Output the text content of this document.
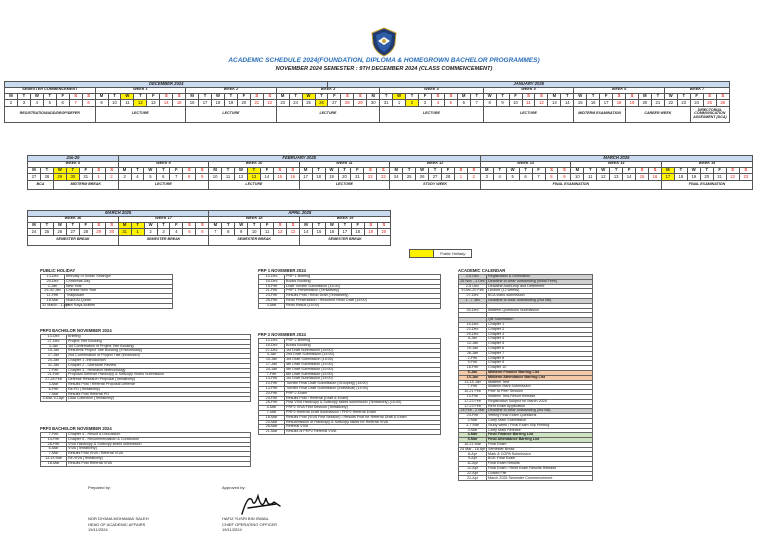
ACADEMIC SCHEDULE 2024(FOUNDATION, DIPLOMA & HOMEGROWN BACHELOR PROGRAMMES)
NOVEMBER 2024 SEMESTER : 9TH DECEMBER 2024 (CLASS COMMENCEMENT)
DECEMBER 2024																									JANUARY 2025																														
SEMESTER COMMENCEMENT							WEEK 1							WEEK 2							WEEK 3								WEEK 4								WEEK 5							WEEK 6							WEEK 7				
M	T	W	T	F	S	S	M	T	W	T	F	S	S	M	T	W	T	F	S	S	M	T	W	T	F	S	S	M	T	W	T	F	S	S	M	T	W	T	F	S	S	M	T	W	T	F	S	S	M	T	W	T	F	S	S
2	3	4	5	6	7	8	9	10	11	12	13	14	15	16	17	18	19	20	21	22	23	24	25	26	27	28	29	30	31	1	2	3	4	5	6	7	8	9	10	11	12	13	14	15	16	17	18	19	20	21	22	23	24	25	26
REGISTRATION/ADD/DROP/DEFER							LECTURE							LECTURE							LECTURE								LECTURE								LECTURE							MIDTERM EXAMINATION				CAREER WEEK					DIRECTORIAL COMMUNICATION ASSESMENT (DCA)		
Jan-25							FEBRUARY 2025																												MARCH 2025																				
WEEK 8							WEEK 9							WEEK 10							WEEK 11							WEEK 12							WEEK 13							WEEK 14							WEEK 15						
M	T	W	T	F	S	S	M	T	W	T	F	S	S	M	T	W	T	F	S	S	M	T	W	T	F	S	S	M	T	W	T	F	S	S	M	T	W	T	F	S	S	M	T	W	T	F	S	S	M	T	W	T	F	S	S
27	28	29	30	31	1	2	3	4	5	6	7	8	9	10	11	12	13	14	15	16	17	18	19	20	21	22	23	24	25	26	27	28	1	2	3	4	5	6	7	8	9	10	11	12	13	14	15	16	17	18	19	20	21	22	23
BCA		MIDTERM BREAK					LECTURE							LECTURE							LECTURE							STUDY WEEK							FINAL EXAMINATION														FINAL EXAMINATION						
MARCH 2025														APRIL 2025													
WEEK 16							WEEK 17							WEEK 18							WEEK 19						
M	T	W	T	F	S	S	M	T	W	T	F	S	S	M	T	W	T	F	S	S	M	T	W	T	F	S	S
24	25	26	27	28	29	30	31	1	2	3	4	5	6	7	8	9	10	11	12	13	14	15	16	17	18	19	20
SEMESTER BREAK							SEMESTER BREAK							SEMESTER BREAK							SEMESTER BREAK						
Public Holiday
PUBLIC HOLIDAY
13-Dec	Birthday of Sultan Selangor
25-Dec	Christmas Day
1-Jan	New Year
29-30 Jan	Chinese New Year
11-Feb	Thaipusam
18-Mar	Nuzul Al-Quran
31 March - 1 Apr	Hari Raya Aidilfitri
PRP3 BACHELOR NOVEMBER 2024
13-Dec	Briefing
27-Dec	Project Title Booking
3-Jan	1st Confirmation of Project Title Booking
10-Jan	Resubmit Project Title Booking (If Necessary)
17-Jan	2nd Confirmation of Project Title (Endorsed)
24-Jan	Chapter 1 -Introduction
31-Jan	Chapter 2 - Literature Review
7-Feb	Chapter 3 - Research Methodology
21-Feb	Proposal Defense Hardcopy & Softcopy Slides Submission
27-28 Feb	Defense Research Proposal (Tentatively)
3-Mar	Results Post / Referral Proposal Defense
6-Feb	Re-PD (Tentatively)
7-Mar	Results Post Referral PD
3-Mar-10-Apr	Data Collection (Tentatively)
PRP3 BACHELOR NOVEMBER 2024
7-Feb	Chapter 4 - Result & Discussion
14-Feb	Chapter 5 - Recommendation & Conclusion
28-Feb	VIVA Hardcopy & Softcopy slides submission
6-Mar	VIVA (Tentatively)
7-Mar	Results Post VIVA / Referral VIVA
13-14 Mar	Re-VIVA (Tentatively)
18-Mar	Results Post Referral VIVA
PRP 1 NOVEMBER 2024
13-Dec	PRP 1 Briefing
16-Dec	Books Booking
19-Feb	Draft Turnitin Submission (15:00)
21-Feb	PRP 1 Presentation (Tentatively)
24-Feb	Results Post / Redo Draft (Tentatively)
28-Feb	Redo Presentation / Resubmit Redo Draft (15:00)
3-Mar	Redo Result (15:00)
PRP 2 NOVEMBER 2024
13-Dec	PRP 2 Briefing
16-Dec	Books Booking
27-Dec	1st Draft Submission (15:00)
3-Jan	2nd Draft Submission (15:00)
10-Jan	3rd Draft Submission (15:00)
17-Jan	4th Draft Submission (15:00)
24-Jan	5th Draft Submission (15:00)
7-Feb	6th Draft Submission (15:00)
14-Feb	1st Draft Submission (15:00)
10-Feb	Turnitin Final Draft Submission (Grouping) (15:00)
13-Feb	Turnitin Final Draft Submission (Individual) (15:00)
20-Feb	PRP 2 Exam
24-Feb	Results Post / Referral (Draft & Exam)
26-Feb	First VIVA Hardcopy & Softcopy slides submission (Tentatively) (15:00)
4-Mar	PRP2 VIVA First Session (Tentatively)
7-Mar	PRP2 Referral Draft Submission / PRP2 Referral Exam
18-Mar	Results Post (VIVA First Session) / Results Post for Referral Draft & Exam
24-Mar	Resubmission of Hardcopy & Softcopy slides for Referral VIVA
28-Mar	Referral VIVA
21-Mar	Results of PRP2 Referral VIVA
ACADEMIC CALENDAR
2-6 Dec	Registration & Orientation
25 Nov - 3 Dec	Deadline to clear outstanding (Initial Fees)
2-6 Dec	Deadline Add/Drop and Deferment
9 Dec-20 Feb	Lecture (12 weeks)
27-Dec	BCA video submission
1 - 7 Jan	Deadline to clear outstanding (2nd Bill)

30-Dec	Midterm Questions Submission

	QB Submission
15-Dec	Chapter 1
22-Dec	Chapter 2
29-Dec	Chapter 3
5-Jan	Chapter 4
12-Jan	Chapter 5
19-Jan	Chapter 6
26-Jan	Chapter 7
2-Feb	Chapter 8
9-Feb	Chapter 9
16-Feb	Chapter 10
9-Jan	Midterm Finance Barring List
10-Jan	Midterm Attendance Barring List
13-15 Jan	Midterm Test
7-Feb	Midterm Mark Submission
10-21 Feb	Peer to Peer Session
10-Feb	Midterm Test-Result Release
17-23 Feb	Registration Subject for March 2025
17-23 Feb	Rent Exam Application
24 Feb - 2 Mar	Deadline to clear outstanding (3rd Bill)
24-Feb	Vetting Final Exam Questions
2-Mar	Carry Mark Submission
3-7 Mar	Study week / Final Exam Slip Printing
3-Mar	Carry Mark Release
4-Mar	Final Finance Barring List
5-Mar	Final Attendance Barring List
10-21 Mar	Final Exam
24 Mar - 18 Apr	Semester Break
8-Apr	Mark & CGPA Submission
9-Apr	BOE Final Exam
11-Apr	Final Exam Results
12-Apr	Final Exam / Resit Exam Results Release
22-Apr	Closed File
21-Apr	March 2025 Semester Commencement
Prepared by:
NOR DIYANA MOHAMAD SALEH
HEAD OF ACADEMIC AFFAIRS
19/11/2024
Approved by:
HAFIZ YUSRI BIN ISMAIL
CHIEF OPERATING OFFICER
19/11/2024
